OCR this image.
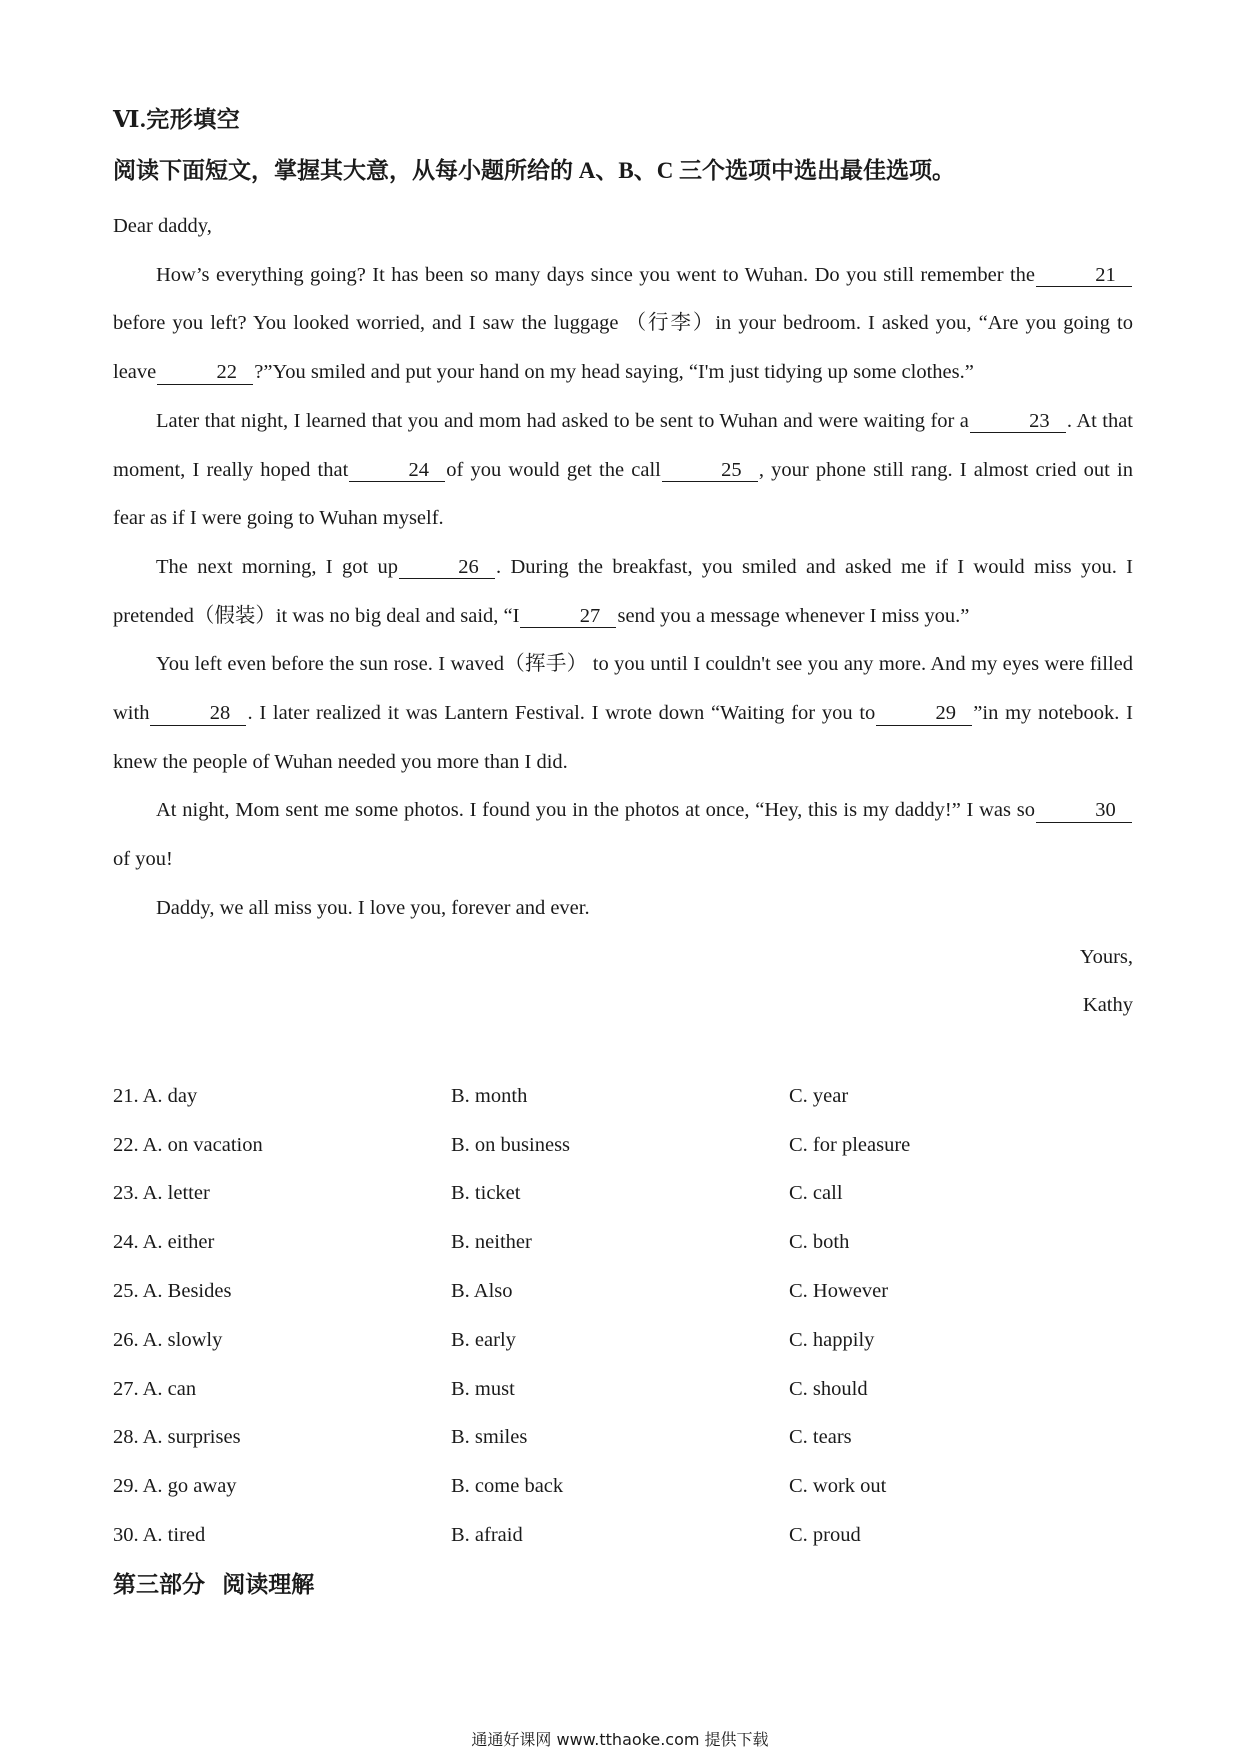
Ⅵ.完形填空
阅读下面短文，掌握其大意，从每小题所给的 A、B、C 三个选项中选出最佳选项。

Dear daddy,

How’s everything going? It has been so many days since you went to Wuhan. Do you still remember the	21before you left? You looked worried, and I saw the luggage （行李）in your bedroom. I asked you, “Are you going to leave	22 ?”You smiled and put your hand on my head saying, “I'm just tidying up some clothes.”

Later that night, I learned that you and mom had asked to be sent to Wuhan and were waiting for a	23 . At that moment, I really hoped that	24 of you would get the call	25 , your phone still rang. I almost cried out in fear as if I were going to Wuhan myself.

The next morning, I got up	26 . During the breakfast, you smiled and asked me if I would miss you. I pretended（假装）it was no big deal and said, “I	27 send you a message whenever I miss you.”

You left even before the sun rose. I waved（挥手） to you until I couldn't see you any more. And my eyes were filled with	28 . I later realized it was Lantern Festival. I wrote down “Waiting for you to	29 ”in my notebook. I knew the people of Wuhan needed you more than I did.

At night, Mom sent me some photos. I found you in the photos at once, “Hey, this is my daddy!” I was so	30of you!

Daddy, we all miss you. I love you, forever and ever.

Yours,

Kathy

21. A. day	B. month	C. year
22. A. on vacation	B. on business	C. for pleasure
23. A. letter	B. ticket	C. call
24. A. either	B. neither	C. both
25. A. Besides	B. Also	C. However
26. A. slowly	B. early	C. happily
27. A. can	B. must	C. should
28. A. surprises	B. smiles	C. tears
29. A. go away	B. come back	C. work out
30. A. tired	B. afraid	C. proud
第三部分   阅读理解
通通好课网 www.tthaoke.com 提供下载
